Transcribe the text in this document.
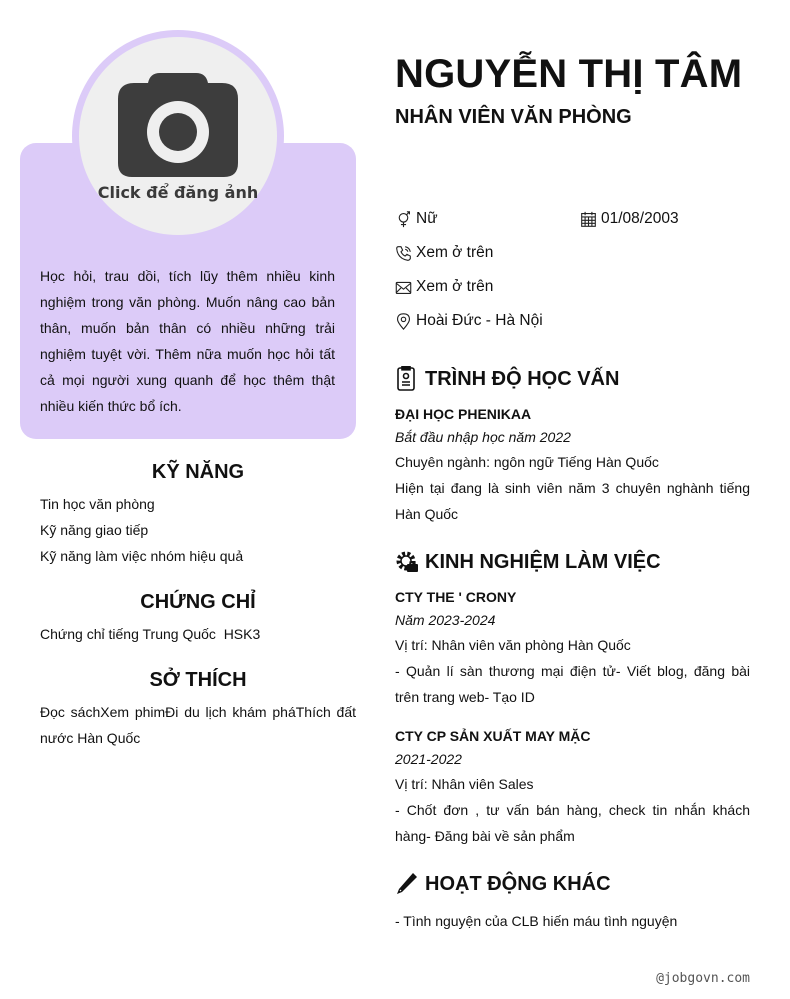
Click để đăng ảnh
Học hỏi, trau dồi, tích lũy thêm nhiều kinh nghiệm trong văn phòng. Muốn nâng cao bản thân, muốn bản thân có nhiều những trải nghiệm tuyệt vời. Thêm nữa muốn học hỏi tất cả mọi người xung quanh để học thêm thật nhiều kiến thức bổ ích.
KỸ NĂNG
Tin học văn phòng
Kỹ năng giao tiếp
Kỹ năng làm việc nhóm hiệu quả
CHỨNG CHỈ
Chứng chỉ tiếng Trung Quốc  HSK3
SỞ THÍCH
Đọc sáchXem phimĐi du lịch khám pháThích đất nước Hàn Quốc
NGUYỄN THỊ TÂM
NHÂN VIÊN VĂN PHÒNG
Nữ	01/08/2003
Xem ở trên
Xem ở trên
Hoài Đức - Hà Nội
TRÌNH ĐỘ HỌC VẤN
ĐẠI HỌC PHENIKAA
Bắt đầu nhập học năm 2022
Chuyên ngành: ngôn ngữ Tiếng Hàn Quốc
Hiện tại đang là sinh viên năm 3 chuyên nghành tiếng Hàn Quốc
KINH NGHIỆM LÀM VIỆC
CTY THE ' CRONY
Năm 2023-2024
Vị trí: Nhân viên văn phòng Hàn Quốc
- Quản lí sàn thương mại điện tử- Viết blog, đăng bài trên trang web- Tạo ID
CTY CP SẢN XUẤT MAY MẶC
2021-2022
Vị trí: Nhân viên Sales
- Chốt đơn , tư vấn bán hàng, check tin nhắn khách hàng- Đăng bài về sản phẩm
HOẠT ĐỘNG KHÁC
- Tình nguyện của CLB hiến máu tình nguyện
@jobgovn.com
